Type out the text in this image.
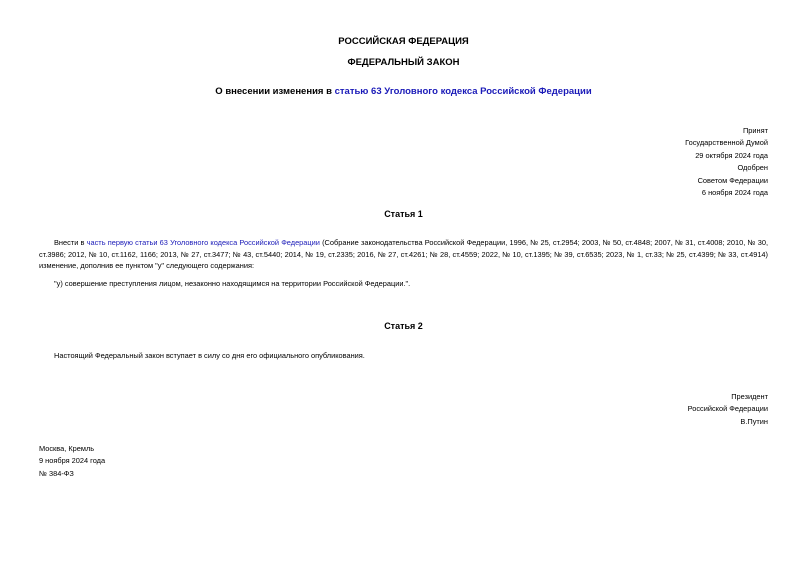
РОССИЙСКАЯ ФЕДЕРАЦИЯ
ФЕДЕРАЛЬНЫЙ ЗАКОН
О внесении изменения в статью 63 Уголовного кодекса Российской Федерации
Принят
Государственной Думой
29 октября 2024 года
Одобрен
Советом Федерации
6 ноября 2024 года
Статья 1
Внести в часть первую статьи 63 Уголовного кодекса Российской Федерации (Собрание законодательства Российской Федерации, 1996, № 25, ст.2954; 2003, № 50, ст.4848; 2007, № 31, ст.4008; 2010, № 30, ст.3986; 2012, № 10, ст.1162, 1166; 2013, № 27, ст.3477; № 43, ст.5440; 2014, № 19, ст.2335; 2016, № 27, ст.4261; № 28, ст.4559; 2022, № 10, ст.1395; № 39, ст.6535; 2023, № 1, ст.33; № 25, ст.4399; № 33, ст.4914) изменение, дополнив ее пунктом "у" следующего содержания:
"у) совершение преступления лицом, незаконно находящимся на территории Российской Федерации.".
Статья 2
Настоящий Федеральный закон вступает в силу со дня его официального опубликования.
Президент
Российской Федерации
В.Путин
Москва, Кремль
9 ноября 2024 года
№ 384-ФЗ
